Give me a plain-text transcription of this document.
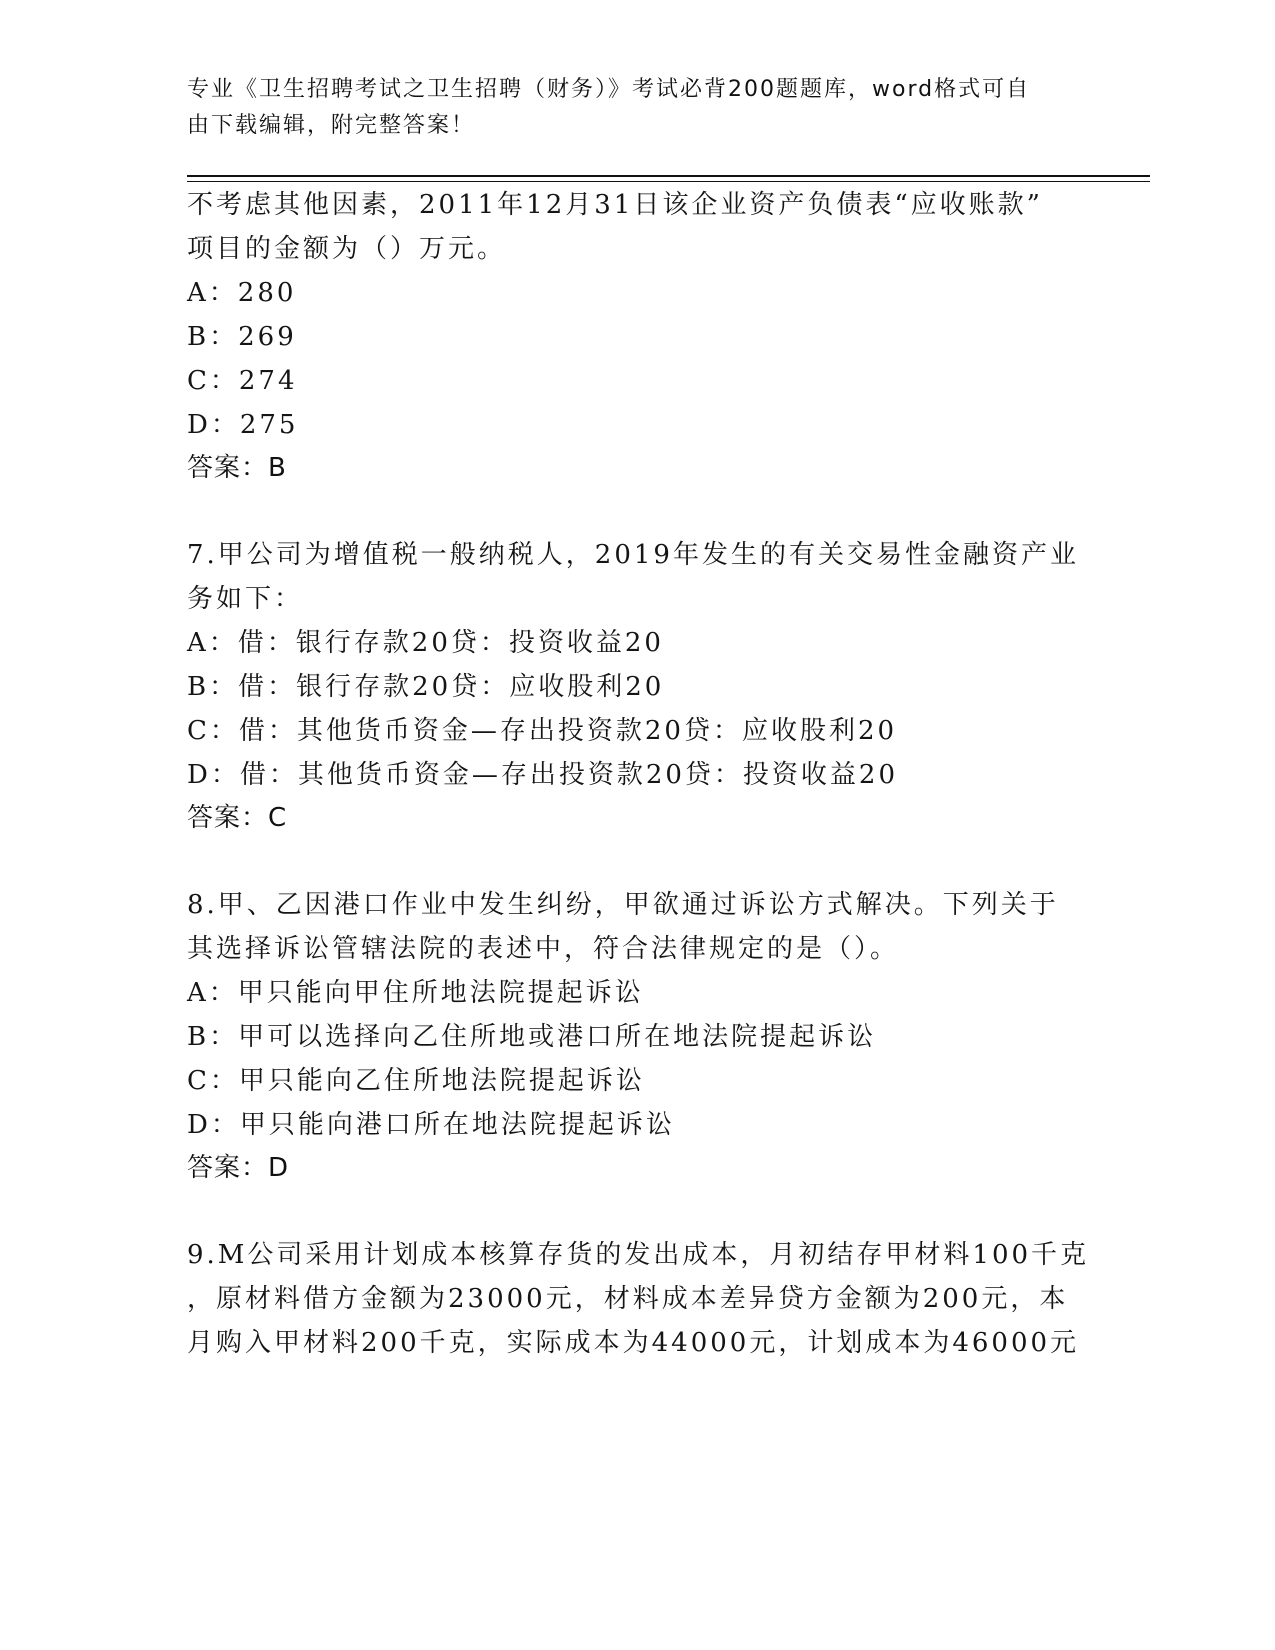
专业《卫生招聘考试之卫生招聘（财务）》考试必背200题题库，word格式可自
由下载编辑，附完整答案！
不考虑其他因素，2011年12月31日该企业资产负债表“应收账款”
项目的金额为（）万元。
A：280
B：269
C：274
D：275
答案：B
7.甲公司为增值税一般纳税人，2019年发生的有关交易性金融资产业
务如下：
A：借：银行存款20贷：投资收益20
B：借：银行存款20贷：应收股利20
C：借：其他货币资金—存出投资款20贷：应收股利20
D：借：其他货币资金—存出投资款20贷：投资收益20
答案：C
8.甲、乙因港口作业中发生纠纷，甲欲通过诉讼方式解决。下列关于
其选择诉讼管辖法院的表述中，符合法律规定的是（）。
A：甲只能向甲住所地法院提起诉讼
B：甲可以选择向乙住所地或港口所在地法院提起诉讼
C：甲只能向乙住所地法院提起诉讼
D：甲只能向港口所在地法院提起诉讼
答案：D
9.M公司采用计划成本核算存货的发出成本，月初结存甲材料100千克
，原材料借方金额为23000元，材料成本差异贷方金额为200元，本
月购入甲材料200千克，实际成本为44000元，计划成本为46000元
